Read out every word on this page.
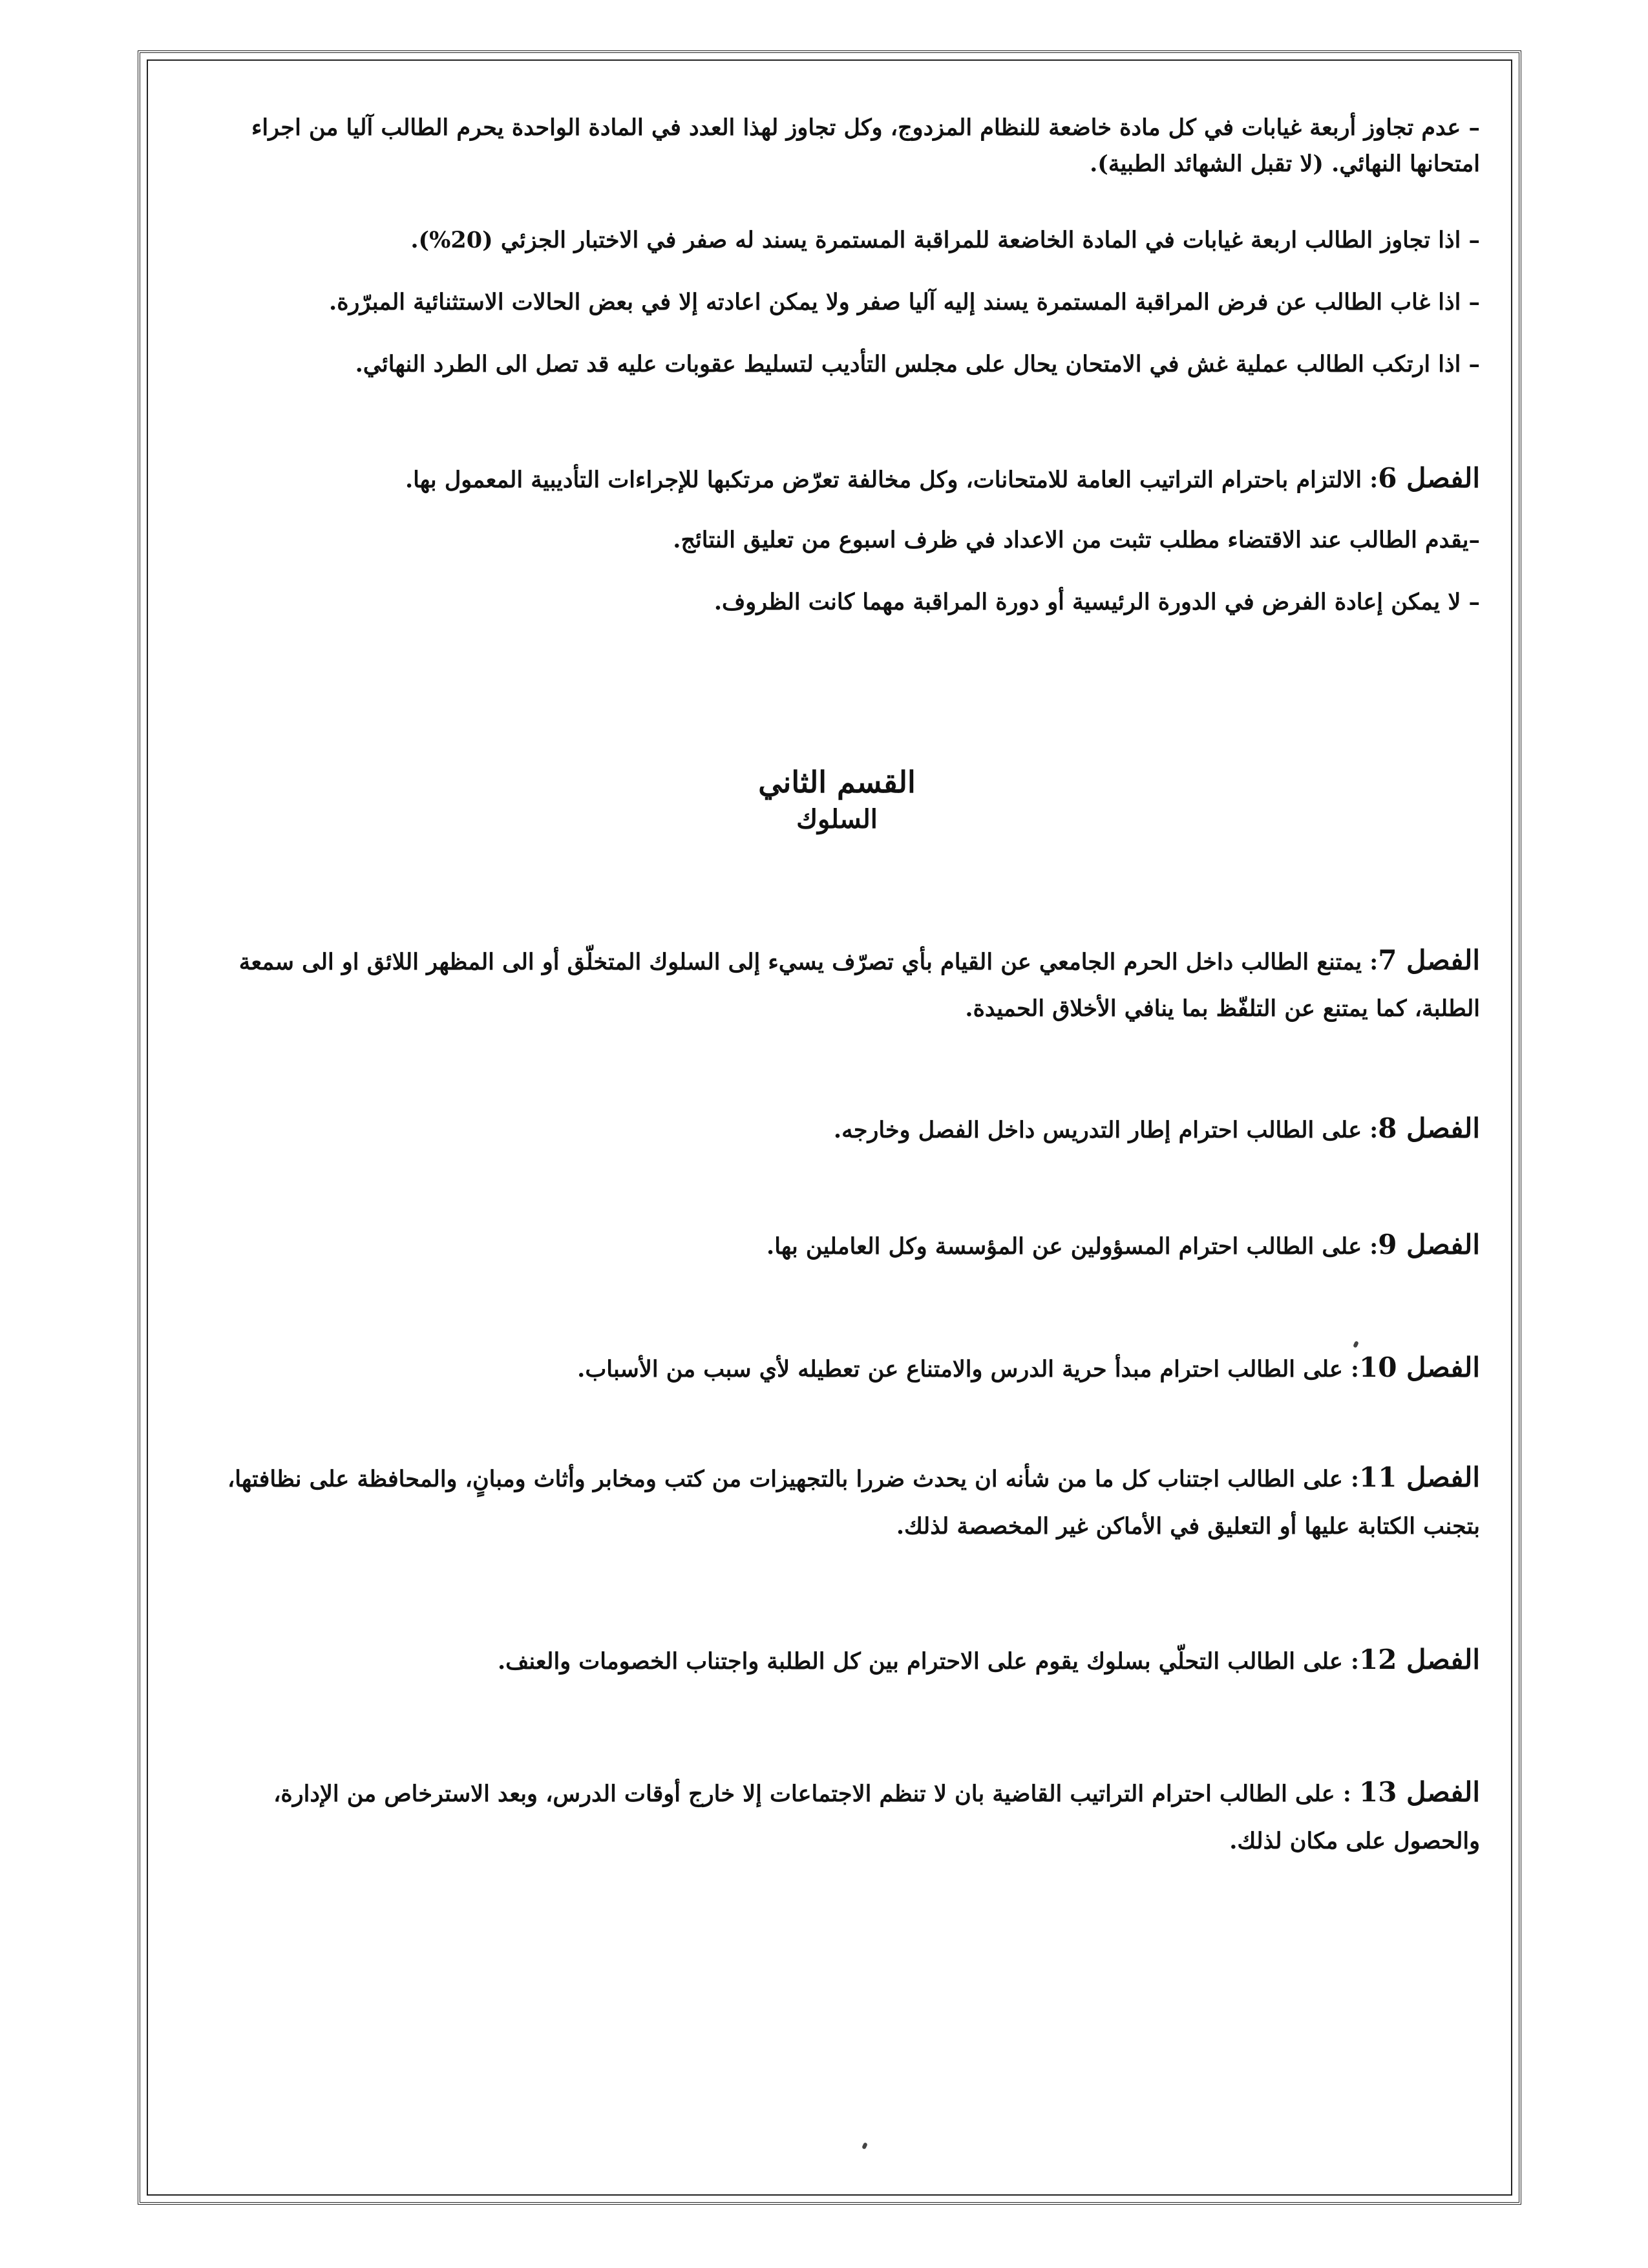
– عدم تجاوز أربعة غيابات في كل مادة خاضعة للنظام المزدوج، وكل تجاوز لهذا العدد في المادة الواحدة يحرم الطالب آليا من اجراء

امتحانها النهائي. (لا تقبل الشهائد الطبية).

– اذا تجاوز الطالب اربعة غيابات في المادة الخاضعة للمراقبة المستمرة يسند له صفر في الاختبار الجزئي (20%).

– اذا غاب الطالب عن فرض المراقبة المستمرة يسند إليه آليا صفر ولا يمكن اعادته إلا في بعض الحالات الاستثنائية المبرّرة.

– اذا ارتكب الطالب عملية غش في الامتحان يحال على مجلس التأديب لتسليط عقوبات عليه قد تصل الى الطرد النهائي.

الفصل 6: الالتزام باحترام التراتيب العامة للامتحانات، وكل مخالفة تعرّض مرتكبها للإجراءات التأديبية المعمول بها.

–يقدم الطالب عند الاقتضاء مطلب تثبت من الاعداد في ظرف اسبوع من تعليق النتائج.

– لا يمكن إعادة الفرض في الدورة الرئيسية أو دورة المراقبة مهما كانت الظروف.

القسم الثاني
السلوك

الفصل 7: يمتنع الطالب داخل الحرم الجامعي عن القيام بأي تصرّف يسيء إلى السلوك المتخلّق أو الى المظهر اللائق او الى سمعة

الطلبة، كما يمتنع عن التلفّظ بما ينافي الأخلاق الحميدة.

الفصل 8: على الطالب احترام إطار التدريس داخل الفصل وخارجه.

الفصل 9: على الطالب احترام المسؤولين عن المؤسسة وكل العاملين بها.

الفصل 10: على الطالب احترام مبدأ حرية الدرس والامتناع عن تعطيله لأي سبب من الأسباب.

الفصل 11: على الطالب اجتناب كل ما من شأنه ان يحدث ضررا بالتجهيزات من كتب ومخابر وأثاث ومبانٍ، والمحافظة على نظافتها،

بتجنب الكتابة عليها أو التعليق في الأماكن غير المخصصة لذلك.

الفصل 12: على الطالب التحلّي بسلوك يقوم على الاحترام بين كل الطلبة واجتناب الخصومات والعنف.

الفصل 13 : على الطالب احترام التراتيب القاضية بان لا تنظم الاجتماعات إلا خارج أوقات الدرس، وبعد الاسترخاص من الإدارة،

والحصول على مكان لذلك.
